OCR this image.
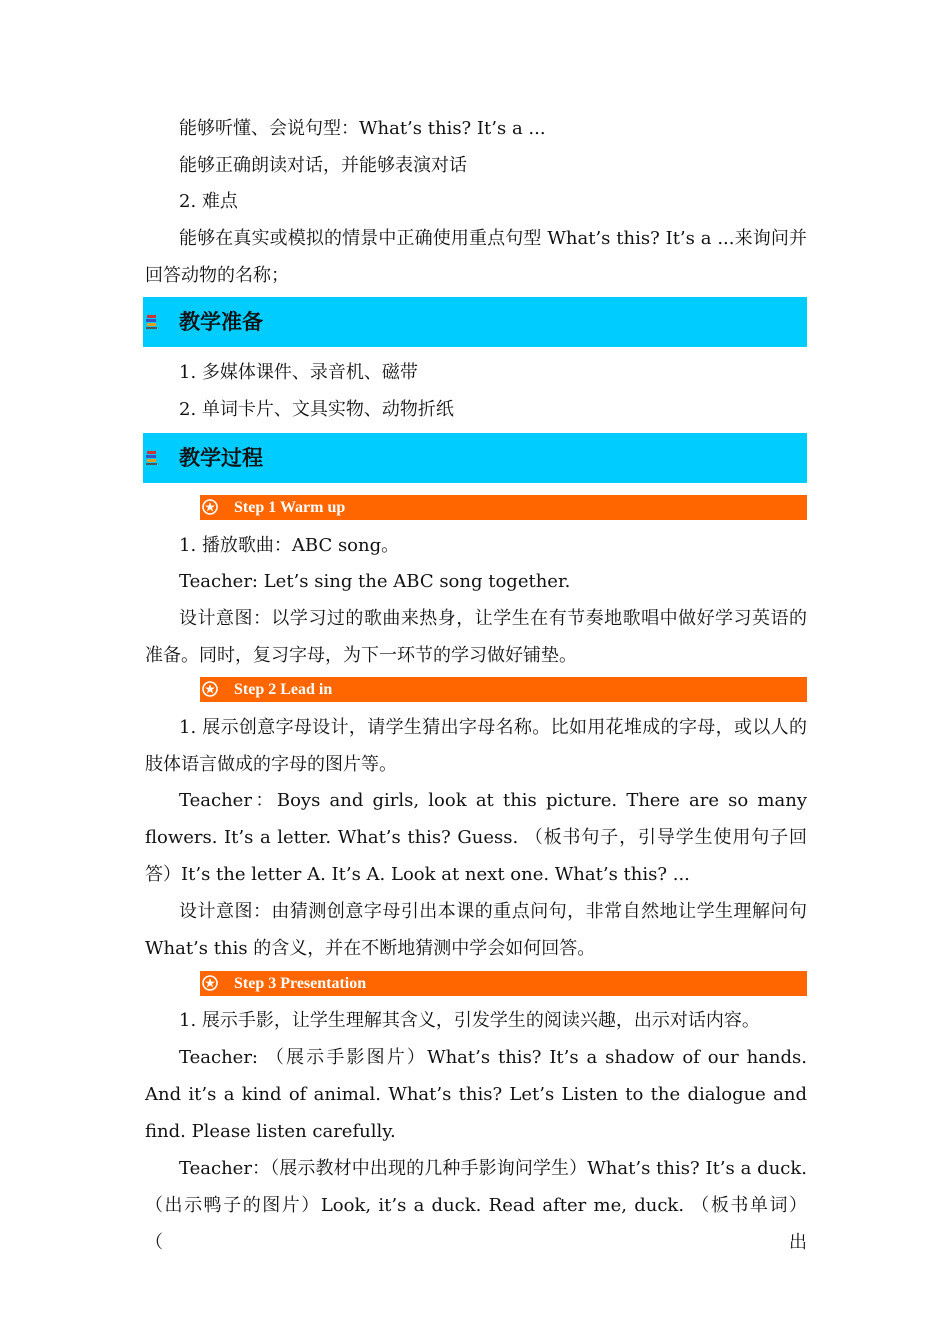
能够听懂、会说句型：What’s this? It’s a ...

能够正确朗读对话，并能够表演对话

2. 难点

能够在真实或模拟的情景中正确使用重点句型 What’s this? It’s a ...来询问并回答动物的名称；

教学准备

1. 多媒体课件、录音机、磁带

2. 单词卡片、文具实物、动物折纸

教学过程
Step 1 Warm up

1. 播放歌曲：ABC song。

Teacher: Let’s sing the ABC song together.

设计意图：以学习过的歌曲来热身，让学生在有节奏地歌唱中做好学习英语的准备。同时，复习字母，为下一环节的学习做好铺垫。

Step 2 Lead in

1. 展示创意字母设计，请学生猜出字母名称。比如用花堆成的字母，或以人的肢体语言做成的字母的图片等。

Teacher：Boys and girls, look at this picture. There are so many flowers. It’s a letter. What’s this? Guess. （板书句子，引导学生使用句子回答）It’s the letter A. It’s A. Look at next one. What’s this? ...

设计意图：由猜测创意字母引出本课的重点问句，非常自然地让学生理解问句 What’s this 的含义，并在不断地猜测中学会如何回答。

Step 3 Presentation

1. 展示手影，让学生理解其含义，引发学生的阅读兴趣，出示对话内容。

Teacher: （展示手影图片）What’s this? It’s a shadow of our hands. And it’s a kind of animal. What’s this? Let’s Listen to the dialogue and find. Please listen carefully.

Teacher：（展示教材中出现的几种手影询问学生）What’s this? It’s a duck.（出示鸭子的图片）Look, it’s a duck. Read after me, duck. （板书单词） （出
